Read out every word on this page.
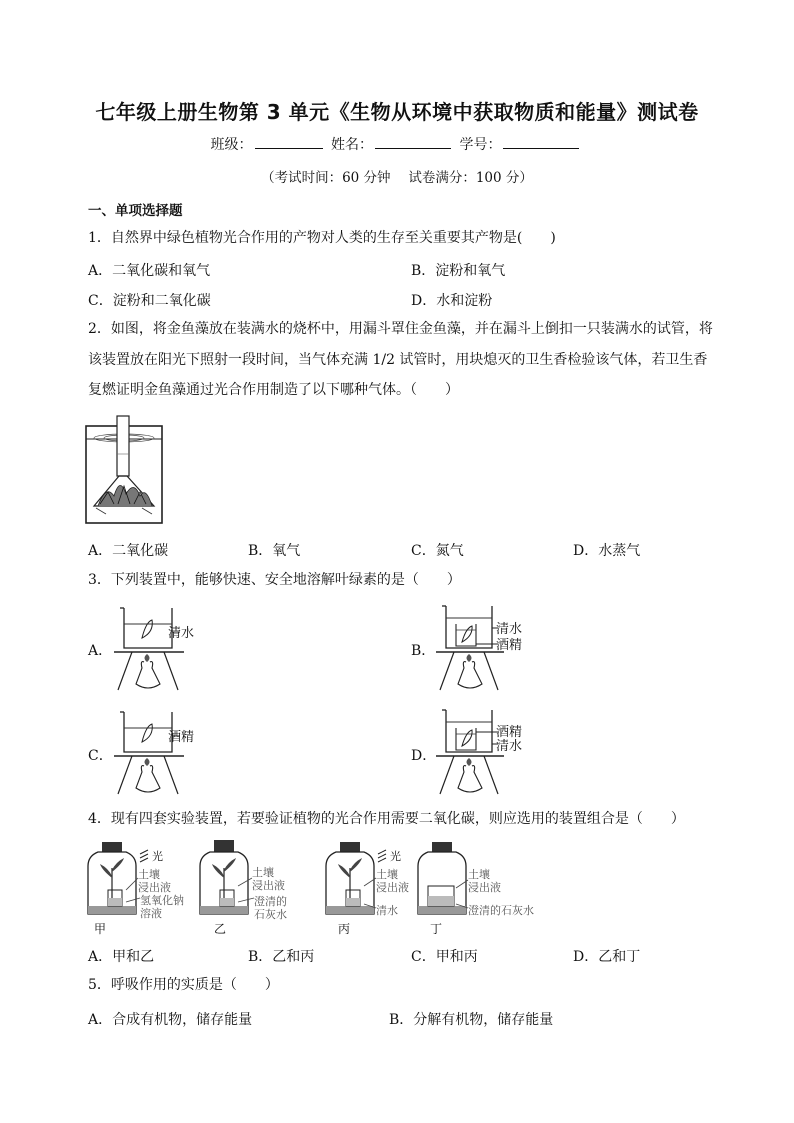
七年级上册生物第 3 单元《生物从环境中获取物质和能量》测试卷
班级：	姓名：	学号：
（考试时间：60 分钟　 试卷满分：100 分）
一、单项选择题
1．自然界中绿色植物光合作用的产物对人类的生存至关重要其产物是(　　)
A．二氧化碳和氧气	B．淀粉和氧气
C．淀粉和二氧化碳	D．水和淀粉
2．如图，将金鱼藻放在装满水的烧杯中，用漏斗罩住金鱼藻，并在漏斗上倒扣一只装满水的试管，将该装置放在阳光下照射一段时间，当气体充满 1/2 试管时，用块熄灭的卫生香检验该气体，若卫生香复燃证明金鱼藻通过光合作用制造了以下哪种气体。（　　）
A．二氧化碳	B．氧气	C．氮气	D．水蒸气
3．下列装置中，能够快速、安全地溶解叶绿素的是（　　）
A．
清水
B．
清水
酒精
C．
酒精
D．
酒精
清水
4．现有四套实验装置，若要验证植物的光合作用需要二氧化碳，则应选用的装置组合是（　　）
光
土壤
浸出液
氢氧化钠
溶液
甲
土壤
浸出液
澄清的
石灰水
乙
光
土壤
浸出液
清水
丙
土壤
浸出液
澄清的石灰水
丁
A．甲和乙	B．乙和丙	C．甲和丙	D．乙和丁
5．呼吸作用的实质是（　　）
A．合成有机物，储存能量	B．分解有机物，储存能量
